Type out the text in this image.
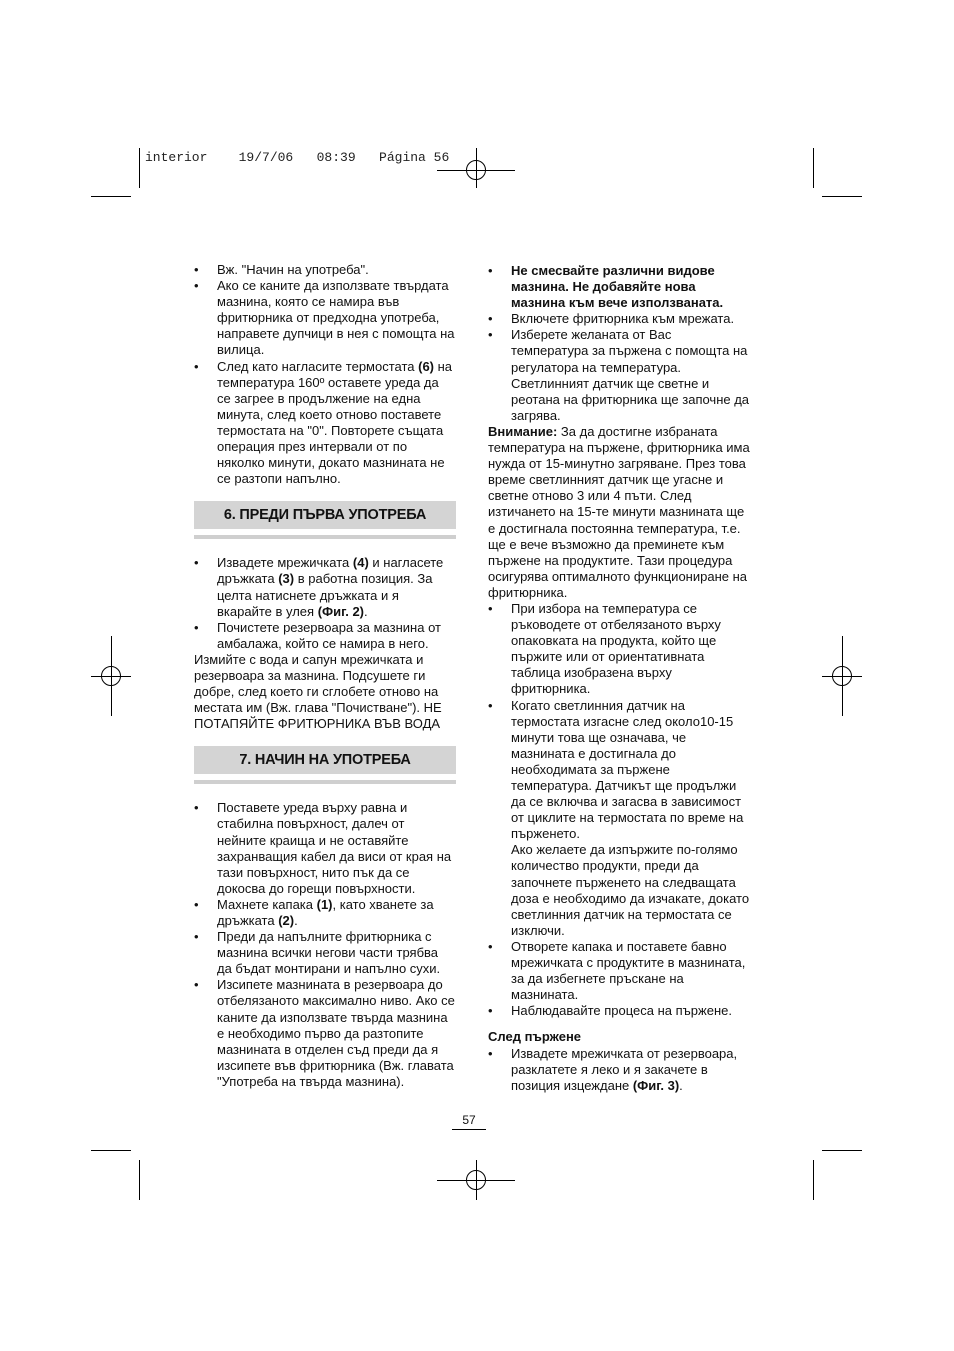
interior    19/7/06   08:39   Página 56

• Вж. "Начин на употреба".

• Ако се каните да използвате твърдата мазнина, която се намира във фритюрника от предходна употреба, направете дупчици в нея с помощта на вилица.

• След като нагласите термостата (6) на температура 160º оставете уреда да се загрее в продължение на една минута, след което отново поставете термостата на "0". Повторете същата операция през интервали от по няколко минути, докато мазнината не се разтопи напълно.

6. ПРЕДИ ПЪРВА УПОТРЕБА

• Извадете мрежичката (4) и нагласете дръжката (3) в работна позиция. За целта натиснете дръжката и я вкарайте в улея (Фиг. 2).

• Почистете резервоара за мазнина от амбалажа, който се намира в него.

Измийте с вода и сапун мрежичката и резервоара за мазнина. Подсушете ги добре, след което ги сглобете отново на местата им (Вж. глава "Почистване"). НЕ ПОТАПЯЙТЕ ФРИТЮРНИКА ВЪВ ВОДА

7. НАЧИН НА УПОТРЕБА

• Поставете уреда върху равна и стабилна повърхност, далеч от нейните краища и не оставяйте захранващия кабел да виси от края на тази повърхност, нито пък да се докосва до горещи повърхности.

• Махнете капака (1), като хванете за дръжката (2).

• Преди да напълните фритюрника с мазнина всички негови части трябва да бъдат монтирани и напълно сухи.

• Изсипете мазнината в резервоара до отбелязаното максимално ниво. Ако се каните да използвате твърда мазнина е необходимо първо да разтопите мазнината в отделен съд преди да я изсипете във фритюрника (Вж. главата "Употреба на твърда мазнина).

• Не смесвайте различни видове мазнина. Не добавяйте нова мазнина към вече използваната.

• Включете фритюрника към мрежата.

• Изберете желаната от Вас температура за пържена с помощта на регулатора на температура. Светлинният датчик ще светне и реотана на фритюрника ще започне да загрява.

Внимание: За да достигне избраната температура на пържене, фритюрника има нужда от 15-минутно загряване. През това време светлинният датчик ще угасне и светне отново 3 или 4 пъти. След изтичането на 15-те минути мазнината ще е достигнала постоянна температура, т.е. ще е вече възможно да преминете към пържене на продуктите. Тази процедура осигурява оптималното функциониране на фритюрника.

• При избора на температура се ръководете от отбелязаното върху опаковката на продукта, който ще пържите или от ориентативната таблица изобразена върху фритюрника.

• Когато светлинния датчик на термостата изгасне след около10-15 минути това ще означава, че мазнината е достигнала до необходимата за пържене температура. Датчикът ще продължи да се включва и загасва в зависимост от циклите на термостата по време на пърженето.

Ако желаете да изпържите по-голямо количество продукти, преди да започнете пърженето на следващата доза е необходимо да изчакате, докато светлинния датчик на термостата се изключи.

• Отворете капака и поставете бавно мрежичката с продуктите в мазнината, за да избегнете пръскане на мазнината.

• Наблюдавайте процеса на пържене.

След пържене

• Извадете мрежичката от резервоара, разклатете я леко и я закачете в позиция изцеждане (Фиг. 3).

57
